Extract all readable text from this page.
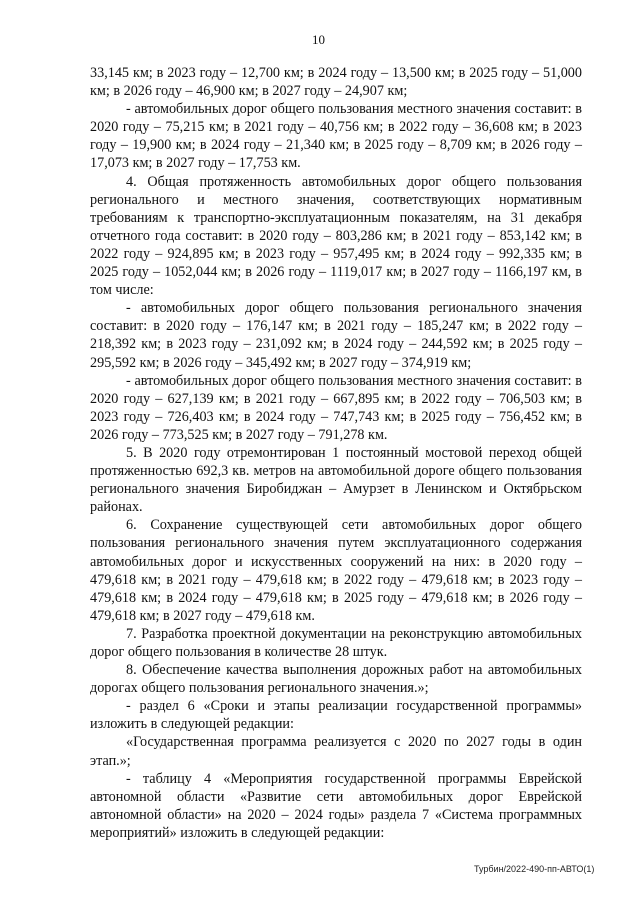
10

33,145 км; в 2023 году – 12,700 км; в 2024 году – 13,500 км; в 2025 году – 51,000 км; в 2026 году – 46,900 км; в 2027 году – 24,907 км;

- автомобильных дорог общего пользования местного значения составит: в 2020 году – 75,215 км; в 2021 году – 40,756 км; в 2022 году – 36,608 км; в 2023 году – 19,900 км; в 2024 году – 21,340 км; в 2025 году – 8,709 км; в 2026 году – 17,073 км; в 2027 году – 17,753 км.

4. Общая протяженность автомобильных дорог общего пользования регионального и местного значения, соответствующих нормативным требованиям к транспортно-эксплуатационным показателям, на 31 декабря отчетного года составит: в 2020 году – 803,286 км; в 2021 году – 853,142 км; в 2022 году – 924,895 км; в 2023 году – 957,495 км; в 2024 году – 992,335 км; в 2025 году – 1052,044 км; в 2026 году – 1119,017 км; в 2027 году – 1166,197 км, в том числе:

- автомобильных дорог общего пользования регионального значения составит: в 2020 году – 176,147 км; в 2021 году – 185,247 км; в 2022 году – 218,392 км; в 2023 году – 231,092 км; в 2024 году – 244,592 км; в 2025 году – 295,592 км; в 2026 году – 345,492 км; в 2027 году – 374,919 км;

- автомобильных дорог общего пользования местного значения составит: в 2020 году – 627,139 км; в 2021 году – 667,895 км; в 2022 году – 706,503 км; в 2023 году – 726,403 км; в 2024 году – 747,743 км; в 2025 году – 756,452 км; в 2026 году – 773,525 км; в 2027 году – 791,278 км.

5. В 2020 году отремонтирован 1 постоянный мостовой переход общей протяженностью 692,3 кв. метров на автомобильной дороге общего пользования регионального значения Биробиджан – Амурзет в Ленинском и Октябрьском районах.

6. Сохранение существующей сети автомобильных дорог общего пользования регионального значения путем эксплуатационного содержания автомобильных дорог и искусственных сооружений на них: в 2020 году – 479,618 км; в 2021 году – 479,618 км; в 2022 году – 479,618 км; в 2023 году – 479,618 км; в 2024 году – 479,618 км; в 2025 году – 479,618 км; в 2026 году – 479,618 км; в 2027 году – 479,618 км.

7. Разработка проектной документации на реконструкцию автомобильных дорог общего пользования в количестве 28 штук.

8. Обеспечение качества выполнения дорожных работ на автомобильных дорогах общего пользования регионального значения.»;

- раздел 6 «Сроки и этапы реализации государственной программы» изложить в следующей редакции:

«Государственная программа реализуется с 2020 по 2027 годы в один этап.»;

- таблицу 4 «Мероприятия государственной программы Еврейской автономной области «Развитие сети автомобильных дорог Еврейской автономной области» на 2020 – 2024 годы» раздела 7 «Система программных мероприятий» изложить в следующей редакции:

Турбин/2022-490-пп-АВТО(1)
